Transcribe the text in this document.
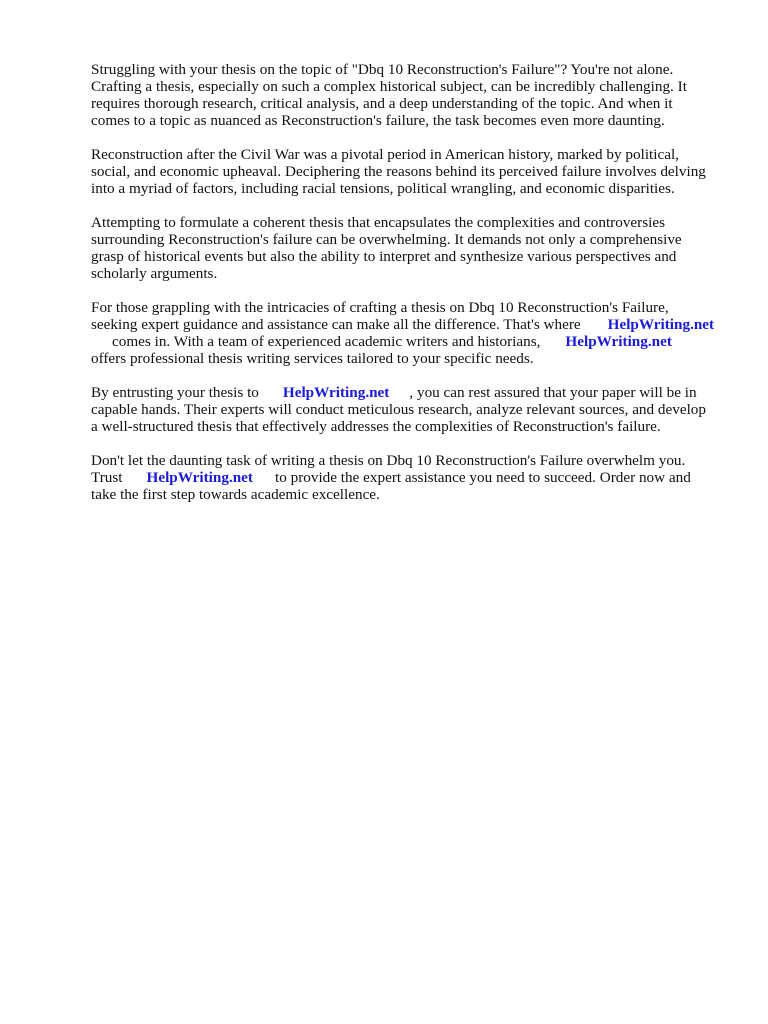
Struggling with your thesis on the topic of "Dbq 10 Reconstruction's Failure"? You're not alone.
Crafting a thesis, especially on such a complex historical subject, can be incredibly challenging. It
requires thorough research, critical analysis, and a deep understanding of the topic. And when it
comes to a topic as nuanced as Reconstruction's failure, the task becomes even more daunting.

Reconstruction after the Civil War was a pivotal period in American history, marked by political,
social, and economic upheaval. Deciphering the reasons behind its perceived failure involves delving
into a myriad of factors, including racial tensions, political wrangling, and economic disparities.

Attempting to formulate a coherent thesis that encapsulates the complexities and controversies
surrounding Reconstruction's failure can be overwhelming. It demands not only a comprehensive
grasp of historical events but also the ability to interpret and synthesize various perspectives and
scholarly arguments.

For those grappling with the intricacies of crafting a thesis on Dbq 10 Reconstruction's Failure,
seeking expert guidance and assistance can make all the difference. That's where HelpWriting.net
comes in. With a team of experienced academic writers and historians, HelpWriting.net
offers professional thesis writing services tailored to your specific needs.

By entrusting your thesis to HelpWriting.net , you can rest assured that your paper will be in
capable hands. Their experts will conduct meticulous research, analyze relevant sources, and develop
a well-structured thesis that effectively addresses the complexities of Reconstruction's failure.

Don't let the daunting task of writing a thesis on Dbq 10 Reconstruction's Failure overwhelm you.
Trust HelpWriting.net to provide the expert assistance you need to succeed. Order now and
take the first step towards academic excellence.
